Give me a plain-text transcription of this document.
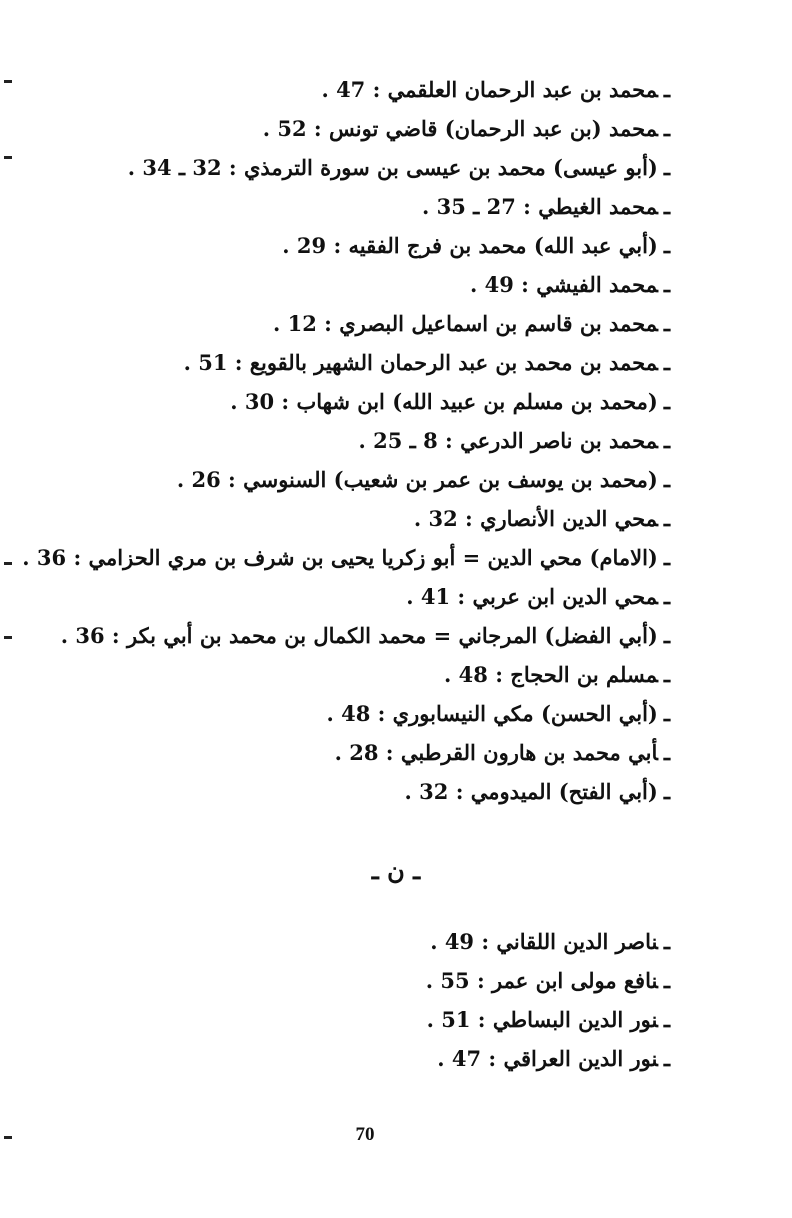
ـمحمد بن عبد الرحمان العلقمي : 47 .
ـمحمد (بن عبد الرحمان) قاضي تونس : 52 .
ـ(أبو عيسى) محمد بن عيسى بن سورة الترمذي : 32 ـ 34 .
ـمحمد الغيطي : 27 ـ 35 .
ـ(أبي عبد الله) محمد بن فرج الفقيه : 29 .
ـمحمد الفيشي : 49 .
ـمحمد بن قاسم بن اسماعيل البصري : 12 .
ـمحمد بن محمد بن عبد الرحمان الشهير بالقويع : 51 .
ـ(محمد بن مسلم بن عبيد الله) ابن شهاب : 30 .
ـمحمد بن ناصر الدرعي : 8 ـ 25 .
ـ(محمد بن يوسف بن عمر بن شعيب) السنوسي : 26 .
ـمحي الدين الأنصاري : 32 .
ـ(الامام) محي الدين = أبو زكريا يحيى بن شرف بن مري الحزامي : 36 .
ـمحي الدين ابن عربي : 41 .
ـ(أبي الفضل) المرجاني = محمد الكمال بن محمد بن أبي بكر : 36 .
ـمسلم بن الحجاج : 48 .
ـ(أبي الحسن) مكي النيسابوري : 48 .
ـأبي محمد بن هارون القرطبي : 28 .
ـ(أبي الفتح) الميدومي : 32 .
ـ ن ـ
ـناصر الدين اللقاني : 49 .
ـنافع مولى ابن عمر : 55 .
ـنور الدين البساطي : 51 .
ـنور الدين العراقي : 47 .
70
